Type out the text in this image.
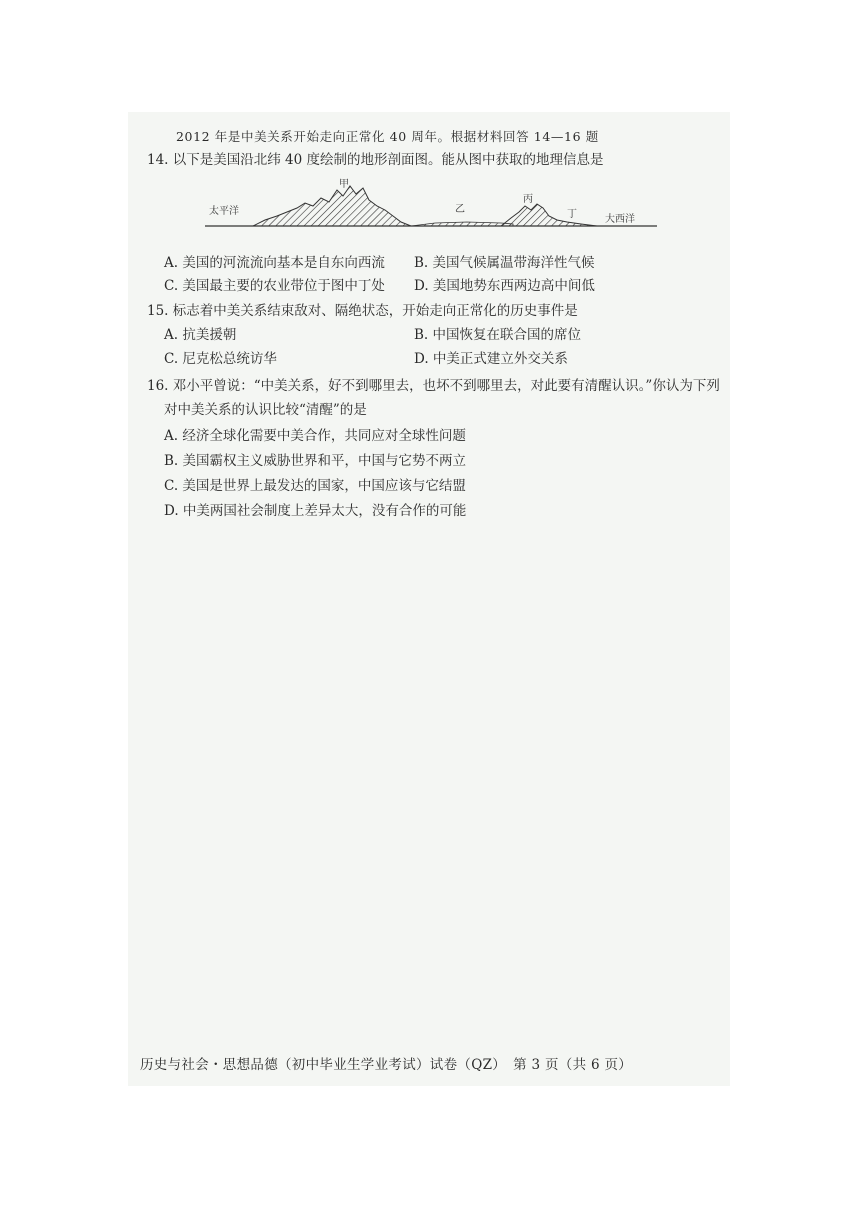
2012 年是中美关系开始走向正常化 40 周年。根据材料回答 14—16 题
14. 以下是美国沿北纬 40 度绘制的地形剖面图。能从图中获取的地理信息是
太平洋
大西洋
甲
乙
丙
丁
A. 美国的河流流向基本是自东向西流 B. 美国气候属温带海洋性气候
C. 美国最主要的农业带位于图中丁处 D. 美国地势东西两边高中间低
15. 标志着中美关系结束敌对、隔绝状态，开始走向正常化的历史事件是
A. 抗美援朝	B. 中国恢复在联合国的席位
C. 尼克松总统访华	D. 中美正式建立外交关系
16. 邓小平曾说：“中美关系，好不到哪里去，也坏不到哪里去，对此要有清醒认识。”你认为下列
对中美关系的认识比较“清醒”的是
A. 经济全球化需要中美合作，共同应对全球性问题
B. 美国霸权主义威胁世界和平，中国与它势不两立
C. 美国是世界上最发达的国家，中国应该与它结盟
D. 中美两国社会制度上差异太大，没有合作的可能
历史与社会・思想品德（初中毕业生学业考试）试卷（QZ）　第 3 页（共 6 页）
